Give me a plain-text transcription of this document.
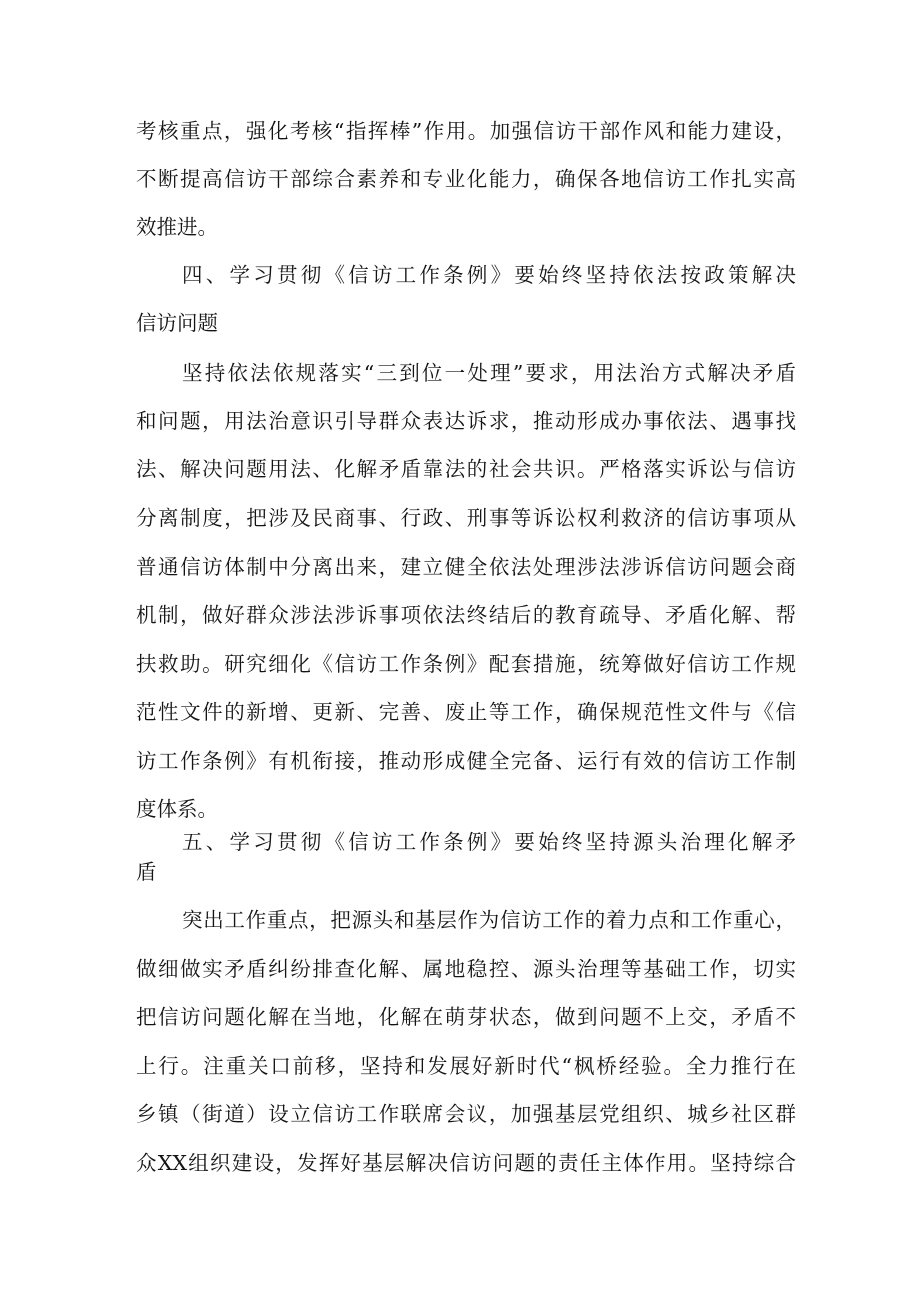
考核重点，强化考核“指挥棒”作用。加强信访干部作风和能力建设，
不断提高信访干部综合素养和专业化能力，确保各地信访工作扎实高
效推进。
四、学习贯彻《信访工作条例》要始终坚持依法按政策解决
信访问题
坚持依法依规落实“三到位一处理”要求，用法治方式解决矛盾
和问题，用法治意识引导群众表达诉求，推动形成办事依法、遇事找
法、解决问题用法、化解矛盾靠法的社会共识。严格落实诉讼与信访
分离制度，把涉及民商事、行政、刑事等诉讼权利救济的信访事项从
普通信访体制中分离出来，建立健全依法处理涉法涉诉信访问题会商
机制，做好群众涉法涉诉事项依法终结后的教育疏导、矛盾化解、帮
扶救助。研究细化《信访工作条例》配套措施，统筹做好信访工作规
范性文件的新增、更新、完善、废止等工作，确保规范性文件与《信
访工作条例》有机衔接，推动形成健全完备、运行有效的信访工作制
度体系。
五、学习贯彻《信访工作条例》要始终坚持源头治理化解矛
盾
突出工作重点，把源头和基层作为信访工作的着力点和工作重心，
做细做实矛盾纠纷排查化解、属地稳控、源头治理等基础工作，切实
把信访问题化解在当地，化解在萌芽状态，做到问题不上交，矛盾不
上行。注重关口前移，坚持和发展好新时代“枫桥经验。全力推行在
乡镇（街道）设立信访工作联席会议，加强基层党组织、城乡社区群
众XX组织建设，发挥好基层解决信访问题的责任主体作用。坚持综合
